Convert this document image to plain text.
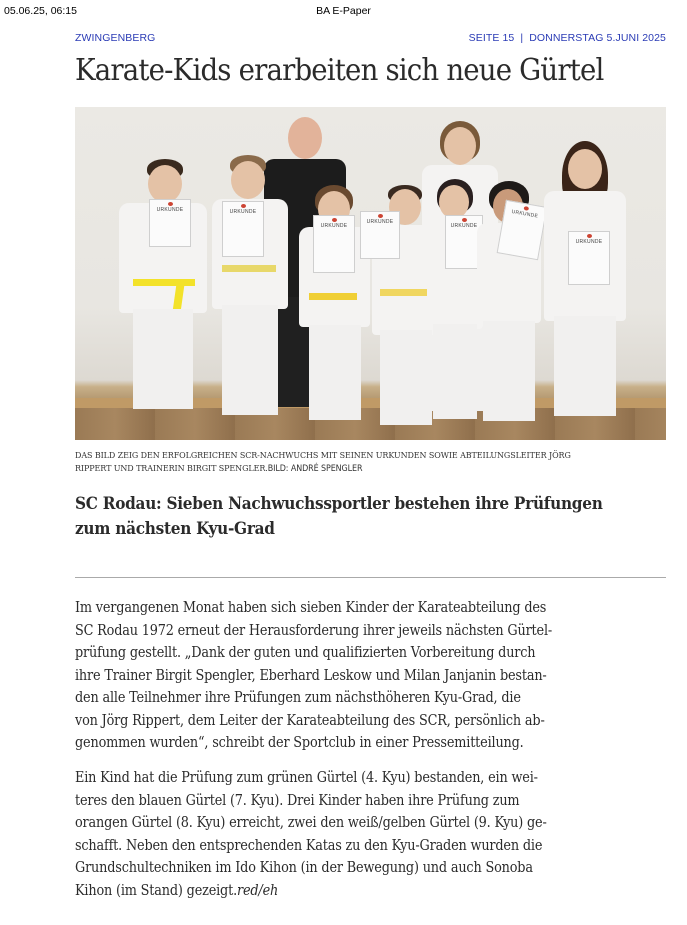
05.06.25, 06:15	BA E-Paper
ZWINGENBERG	SEITE 15 | DONNERSTAG 5.JUNI 2025
Karate-Kids erarbeiten sich neue Gürtel
URKUNDE
URKUNDE
URKUNDE
URKUNDE
URKUNDE
URKUNDE
URKUNDE
DAS BILD ZEIG DEN ERFOLGREICHEN SCR-NACHWUCHS MIT SEINEN URKUNDEN SOWIE ABTEILUNGSLEITER JÖRG
RIPPERT UND TRAINERIN BIRGIT SPENGLER.BILD: ANDRÉ SPENGLER
SC Rodau: Sieben Nachwuchssportler bestehen ihre Prüfungen
zum nächsten Kyu-Grad
Im vergangenen Monat haben sich sieben Kinder der Karateabteilung des
SC Rodau 1972 erneut der Herausforderung ihrer jeweils nächsten Gürtel-
prüfung gestellt. „Dank der guten und qualifizierten Vorbereitung durch
ihre Trainer Birgit Spengler, Eberhard Leskow und Milan Janjanin bestan-
den alle Teilnehmer ihre Prüfungen zum nächsthöheren Kyu-Grad, die
von Jörg Rippert, dem Leiter der Karateabteilung des SCR, persönlich ab-
genommen wurden“, schreibt der Sportclub in einer Pressemitteilung.
Ein Kind hat die Prüfung zum grünen Gürtel (4. Kyu) bestanden, ein wei-
teres den blauen Gürtel (7. Kyu). Drei Kinder haben ihre Prüfung zum
orangen Gürtel (8. Kyu) erreicht, zwei den weiß/gelben Gürtel (9. Kyu) ge-
schafft. Neben den entsprechenden Katas zu den Kyu-Graden wurden die
Grundschultechniken im Ido Kihon (in der Bewegung) und auch Sonoba
Kihon (im Stand) gezeigt.red/eh
